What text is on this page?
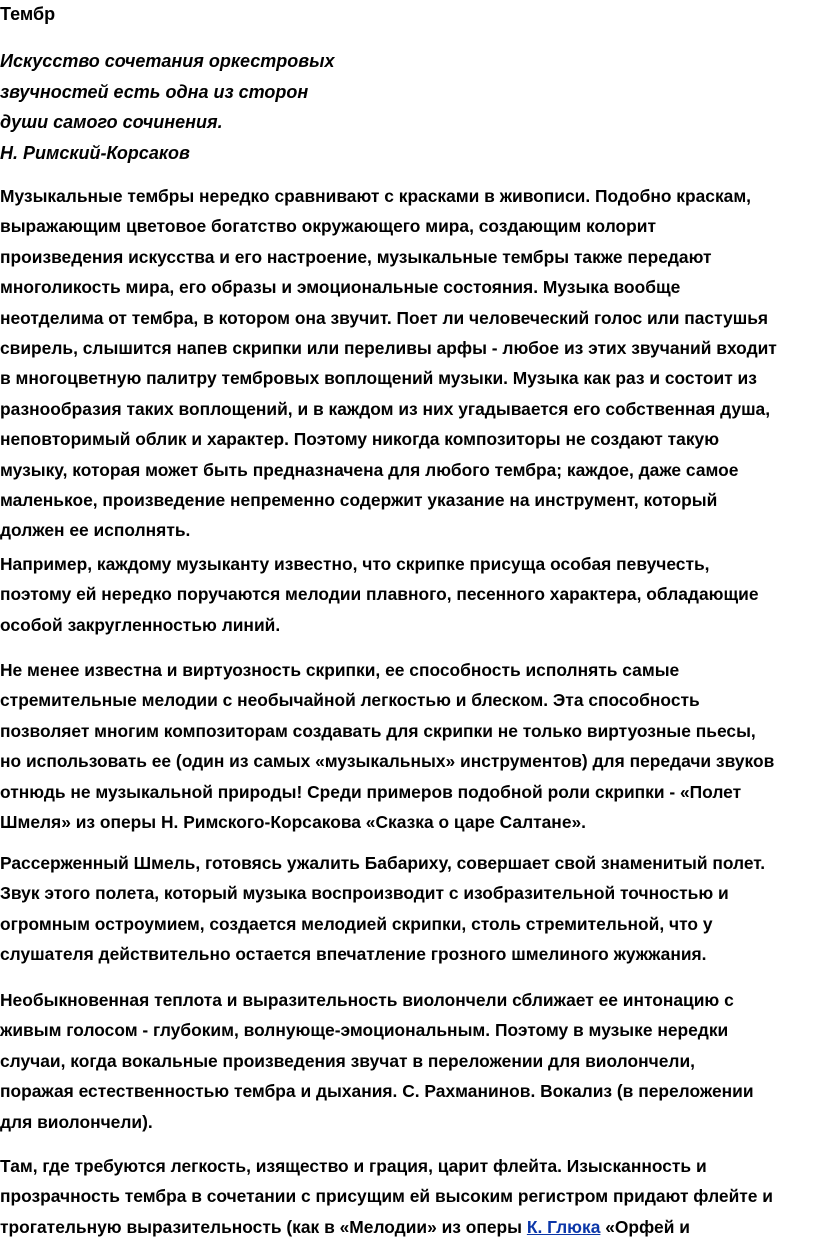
Тембр
Искусство сочетания оркестровых
звучностей есть одна из сторон
души самого сочинения.
Н. Римский-Корсаков
Музыкальные тембры нередко сравнивают с красками в живописи. Подобно краскам,
выражающим цветовое богатство окружающего мира, создающим колорит
произведения искусства и его настроение, музыкальные тембры также передают
многоликость мира, его образы и эмоциональные состояния. Музыка вообще
неотделима от тембра, в котором она звучит. Поет ли человеческий голос или пастушья
свирель, слышится напев скрипки или переливы арфы - любое из этих звучаний входит
в многоцветную палитру тембровых воплощений музыки. Музыка как раз и состоит из
разнообразия таких воплощений, и в каждом из них угадывается его собственная душа,
неповторимый облик и характер. Поэтому никогда композиторы не создают такую
музыку, которая может быть предназначена для любого тембра; каждое, даже самое
маленькое, произведение непременно содержит указание на инструмент, который
должен ее исполнять.
Например, каждому музыканту известно, что скрипке присуща особая певучесть,
поэтому ей нередко поручаются мелодии плавного, песенного характера, обладающие
особой закругленностью линий.
Не менее известна и виртуозность скрипки, ее способность исполнять самые
стремительные мелодии с необычайной легкостью и блеском. Эта способность
позволяет многим композиторам создавать для скрипки не только виртуозные пьесы,
но использовать ее (один из самых «музыкальных» инструментов) для передачи звуков
отнюдь не музыкальной природы! Среди примеров подобной роли скрипки - «Полет
Шмеля» из оперы Н. Римского-Корсакова «Сказка о царе Салтане».
Рассерженный Шмель, готовясь ужалить Бабариху, совершает свой знаменитый полет.
Звук этого полета, который музыка воспроизводит с изобразительной точностью и
огромным остроумием, создается мелодией скрипки, столь стремительной, что у
слушателя действительно остается впечатление грозного шмелиного жужжания.
Необыкновенная теплота и выразительность виолончели сближает ее интонацию с
живым голосом - глубоким, волнующе-эмоциональным. Поэтому в музыке нередки
случаи, когда вокальные произведения звучат в переложении для виолончели,
поражая естественностью тембра и дыхания. С. Рахманинов. Вокализ (в переложении
для виолончели).
Там, где требуются легкость, изящество и грация, царит флейта. Изысканность и
прозрачность тембра в сочетании с присущим ей высоким регистром придают флейте и
трогательную выразительность (как в «Мелодии» из оперы К. Глюка «Орфей и
